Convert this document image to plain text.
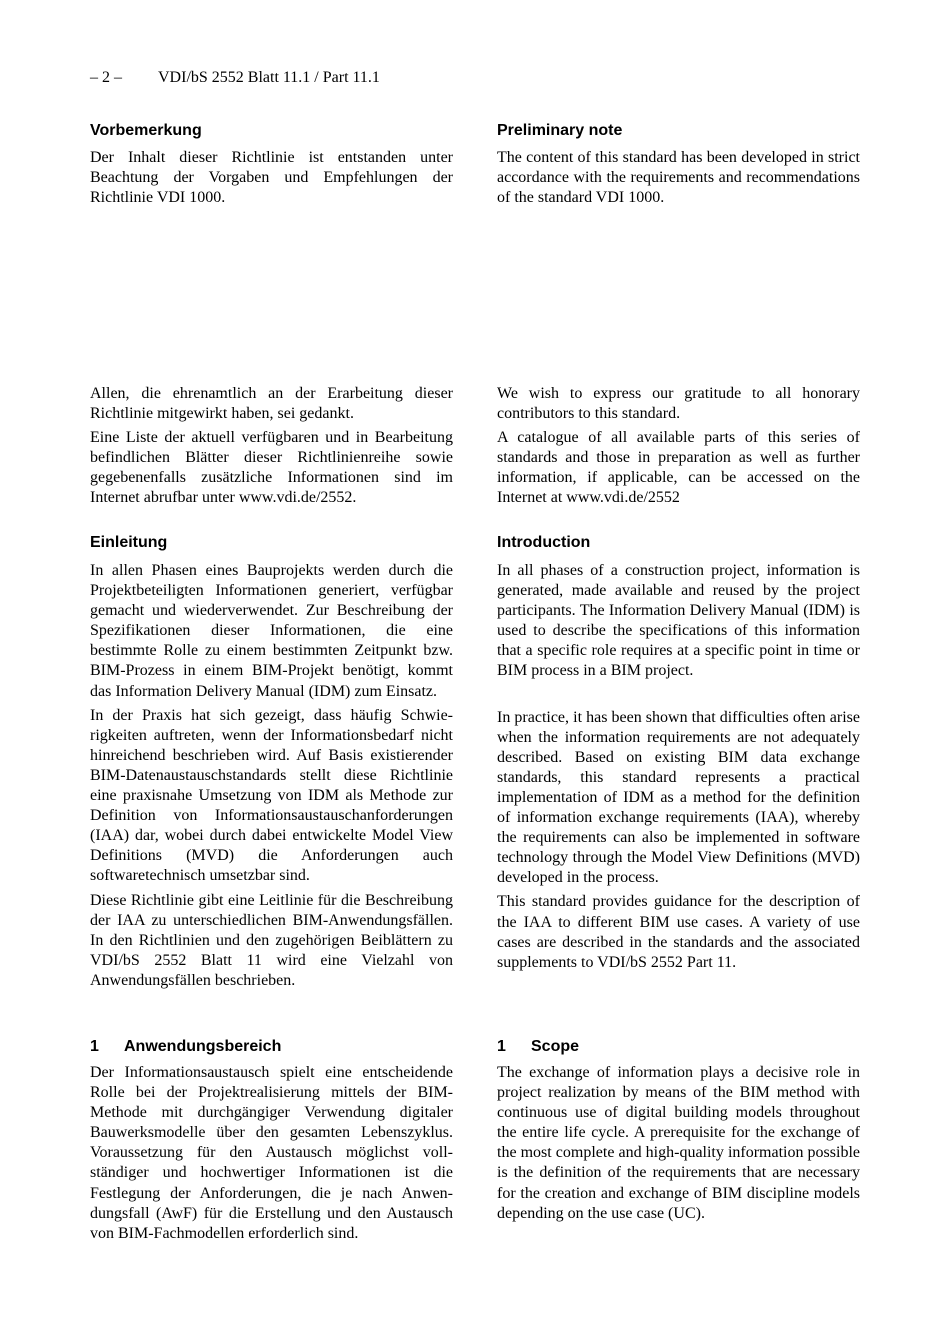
– 2 – VDI/bS 2552 Blatt 11.1 / Part 11.1
Vorbemerkung

Der Inhalt dieser Richtlinie ist entstanden unter Beachtung der Vorgaben und Empfehlungen der Richtlinie VDI 1000.

Allen, die ehrenamtlich an der Erarbeitung dieser Richtlinie mitgewirkt haben, sei gedankt.

Eine Liste der aktuell verfügbaren und in Bearbeitung befindlichen Blätter dieser Richtlinienreihe sowie gegebenenfalls zusätzliche Informationen sind im Internet abrufbar unter www.vdi.de/2552.

Einleitung

In allen Phasen eines Bauprojekts werden durch die Projektbeteiligten Informationen generiert, verfügbar gemacht und wiederverwendet. Zur Beschreibung der Spezifikationen dieser Informationen, die eine bestimmte Rolle zu einem bestimmten Zeitpunkt bzw. BIM-Prozess in einem BIM-Projekt benötigt, kommt das Information Delivery Manual (IDM) zum Einsatz.

In der Praxis hat sich gezeigt, dass häufig Schwierigkeiten auftreten, wenn der Informationsbedarf nicht hinreichend beschrieben wird. Auf Basis existierender BIM-Datenaustauschstandards stellt diese Richtlinie eine praxisnahe Umsetzung von IDM als Methode zur Definition von Informationsaustauschanforderungen (IAA) dar, wobei durch dabei entwickelte Model View Definitions (MVD) die Anforderungen auch softwaretechnisch umsetzbar sind.

Diese Richtlinie gibt eine Leitlinie für die Beschreibung der IAA zu unterschiedlichen BIM-Anwendungsfällen. In den Richtlinien und den zugehörigen Beiblättern zu VDI/bS 2552 Blatt 11 wird eine Vielzahl von Anwendungsfällen beschrieben.

1 Anwendungsbereich

Der Informationsaustausch spielt eine entscheidende Rolle bei der Projektrealisierung mittels der BIM-Methode mit durchgängiger Verwendung digitaler Bauwerksmodelle über den gesamten Lebenszyklus. Voraussetzung für den Austausch möglichst vollständiger und hochwertiger Informationen ist die Festlegung der Anforderungen, die je nach Anwendungsfall (AwF) für die Erstellung und den Austausch von BIM-Fachmodellen erforderlich sind.

Preliminary note

The content of this standard has been developed in strict accordance with the requirements and recommendations of the standard VDI 1000.

We wish to express our gratitude to all honorary contributors to this standard.

A catalogue of all available parts of this series of standards and those in preparation as well as further information, if applicable, can be accessed on the Internet at www.vdi.de/2552

Introduction

In all phases of a construction project, information is generated, made available and reused by the project participants. The Information Delivery Manual (IDM) is used to describe the specifications of this information that a specific role requires at a specific point in time or BIM process in a BIM project.

In practice, it has been shown that difficulties often arise when the information requirements are not adequately described. Based on existing BIM data exchange standards, this standard represents a practical implementation of IDM as a method for the definition of information exchange requirements (IAA), whereby the requirements can also be implemented in software technology through the Model View Definitions (MVD) developed in the process.

This standard provides guidance for the description of the IAA to different BIM use cases. A variety of use cases are described in the standards and the associated supplements to VDI/bS 2552 Part 11.

1 Scope

The exchange of information plays a decisive role in project realization by means of the BIM method with continuous use of digital building models throughout the entire life cycle. A prerequisite for the exchange of the most complete and high-quality information possible is the definition of the requirements that are necessary for the creation and exchange of BIM discipline models depending on the use case (UC).
